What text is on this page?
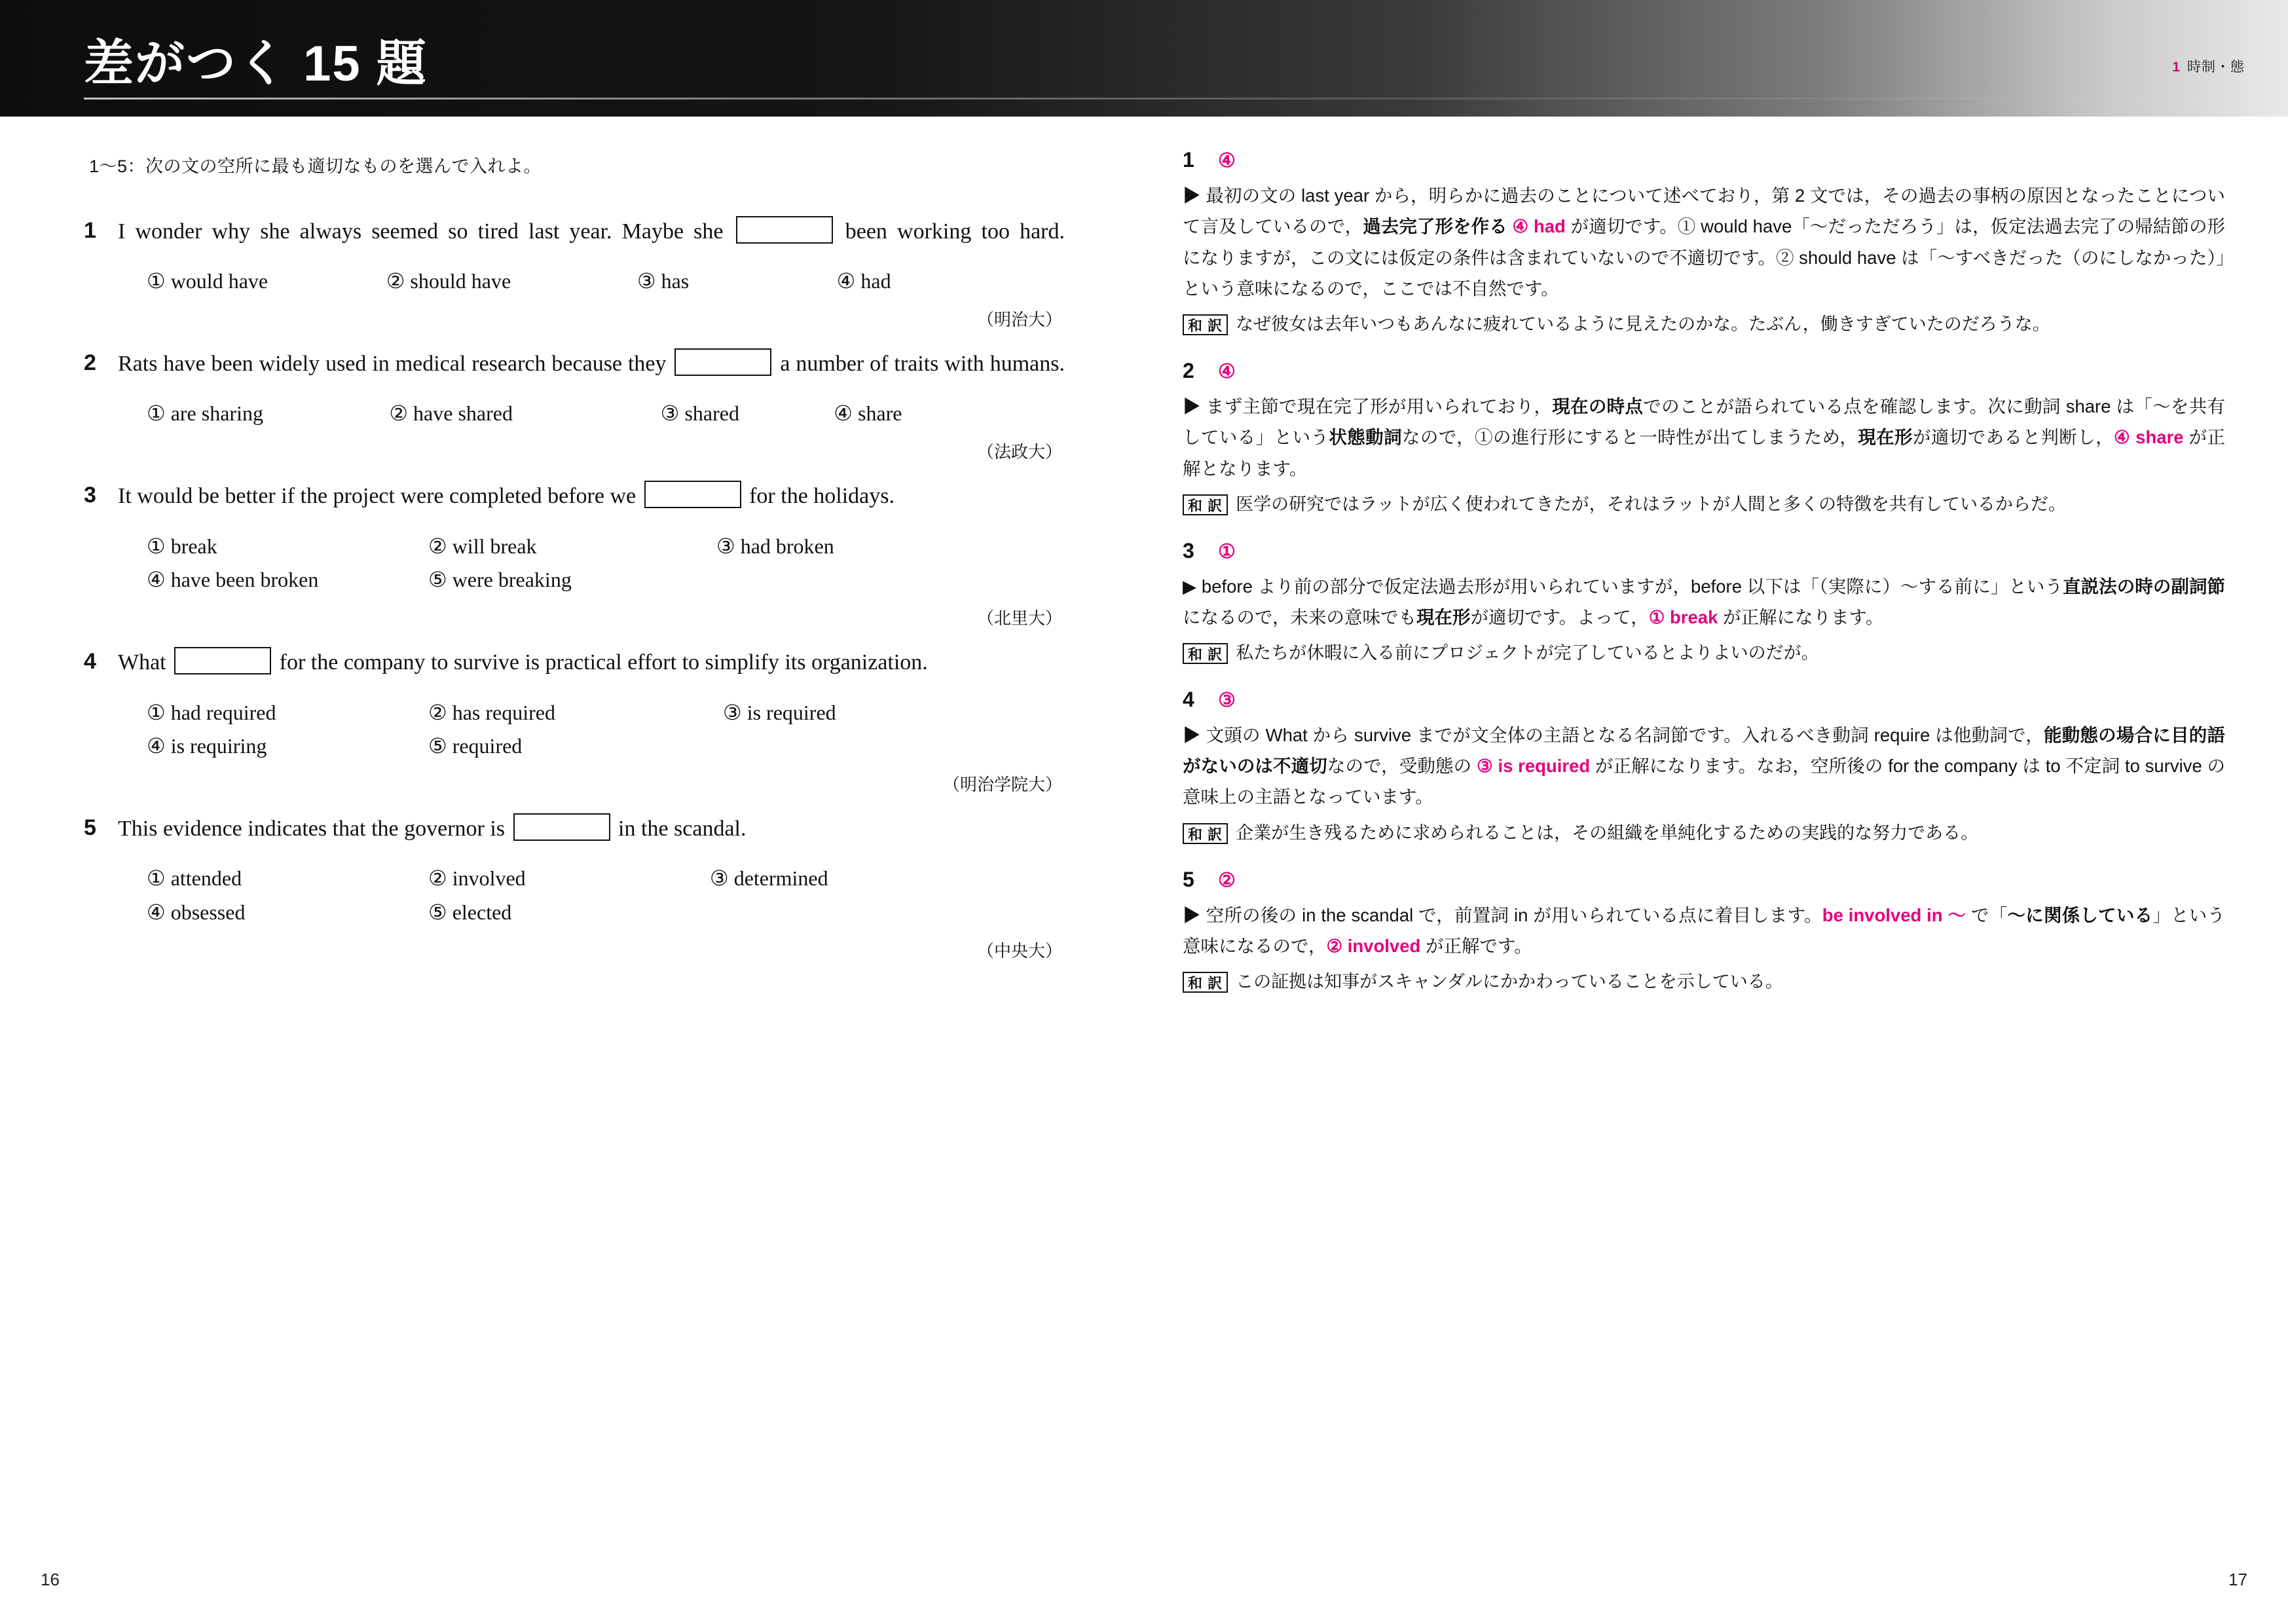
差がつく 15 題	1 時制・態
1〜5：次の文の空所に最も適切なものを選んで入れよ。
1 I wonder why she always seemed so tired last year. Maybe she	been working too hard.
① would have	② should have	③ has	④ had
（明治大）
2 Rats have been widely used in medical research because they	a number of traits with humans.
① are sharing	② have shared	③ shared	④ share
（法政大）
3 It would be better if the project were completed before we	for the holidays.
① break	② will break	③ had broken
④ have been broken	⑤ were breaking
（北里大）
4 What	for the company to survive is practical effort to simplify its organization.
① had required	② has required	③ is required
④ is requiring	⑤ required
（明治学院大）
5 This evidence indicates that the governor is	in the scandal.
① attended	② involved	③ determined
④ obsessed	⑤ elected
（中央大）
1	④
▶ 最初の文の last year から，明らかに過去のことについて述べており，第 2 文では，その過去の事柄の原因となったことについて言及しているので，過去完了形を作る ④ had が適切です。① would have「〜だっただろう」は，仮定法過去完了の帰結節の形になりますが，この文には仮定の条件は含まれていないので不適切です。② should have は「〜すべきだった（のにしなかった）」という意味になるので，ここでは不自然です。
和 訳 なぜ彼女は去年いつもあんなに疲れているように見えたのかな。たぶん，働きすぎていたのだろうな。
2	④
▶ まず主節で現在完了形が用いられており，現在の時点でのことが語られている点を確認します。次に動詞 share は「〜を共有している」という状態動詞なので，①の進行形にすると一時性が出てしまうため，現在形が適切であると判断し，④ share が正解となります。
和 訳 医学の研究ではラットが広く使われてきたが，それはラットが人間と多くの特徴を共有しているからだ。
3	①
▶ before より前の部分で仮定法過去形が用いられていますが，before 以下は「（実際に）〜する前に」という直説法の時の副詞節になるので，未来の意味でも現在形が適切です。よって，① break が正解になります。
和 訳 私たちが休暇に入る前にプロジェクトが完了しているとよりよいのだが。
4	③
▶ 文頭の What から survive までが文全体の主語となる名詞節です。入れるべき動詞 require は他動詞で，能動態の場合に目的語がないのは不適切なので，受動態の ③ is required が正解になります。なお，空所後の for the company は to 不定詞 to survive の意味上の主語となっています。
和 訳 企業が生き残るために求められることは，その組織を単純化するための実践的な努力である。
5	②
▶ 空所の後の in the scandal で，前置詞 in が用いられている点に着目します。be involved in 〜 で「〜に関係している」という意味になるので，② involved が正解です。
和 訳 この証拠は知事がスキャンダルにかかわっていることを示している。
16	17
